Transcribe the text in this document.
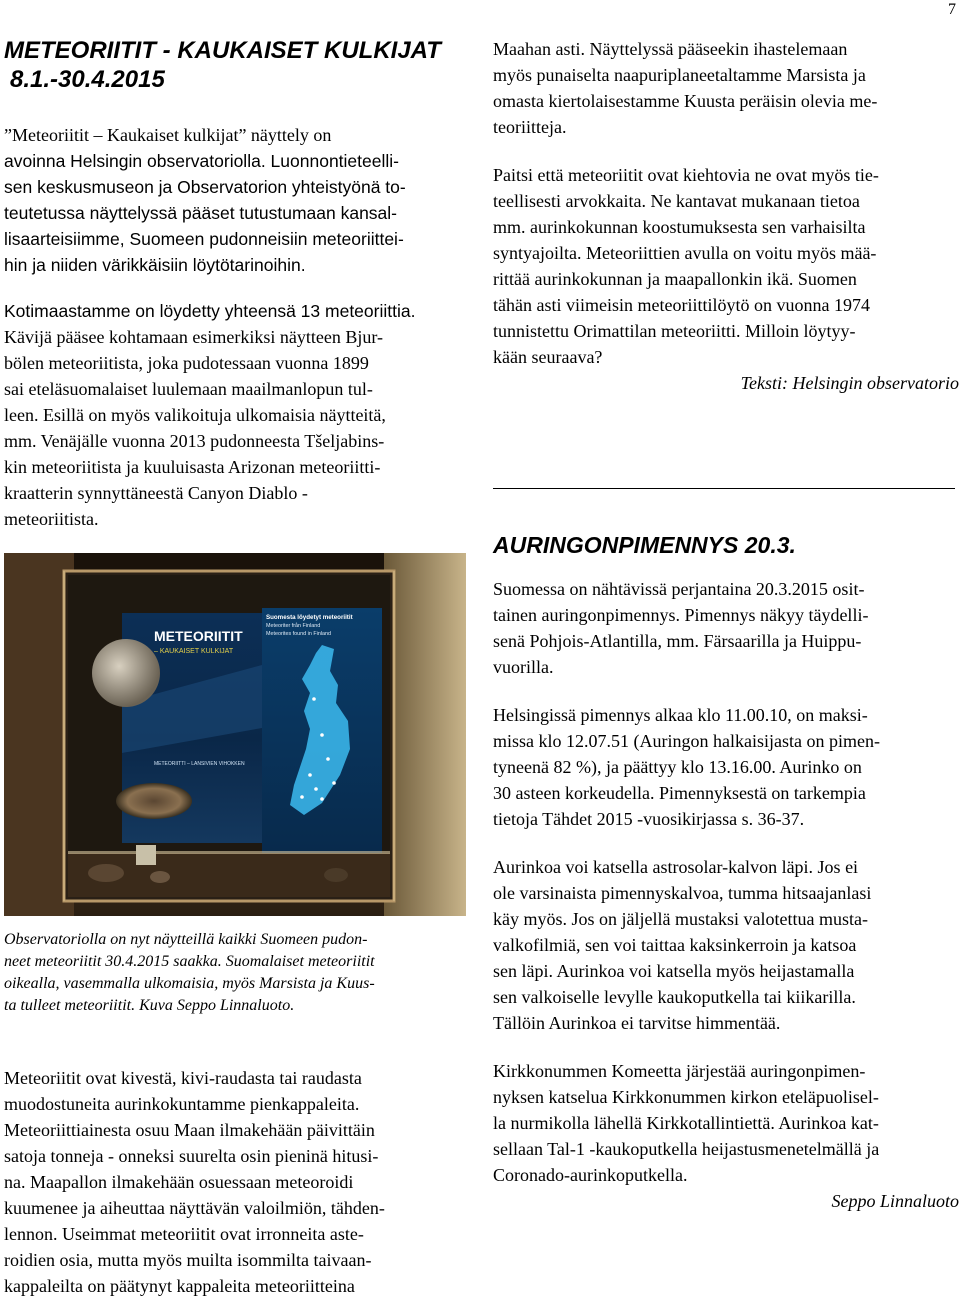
7
METEORIITIT - KAUKAISET KULKIJAT
8.1.-30.4.2015

”Meteoriitit – Kaukaiset kulkijat” näyttely on

avoinna Helsingin observatoriolla. Luonnontieteelli-
sen keskusmuseon ja Observatorion yhteistyönä to-
teutetussa näyttelyssä pääset tutustumaan kansal-
lisaarteisiimme, Suomeen pudonneisiin meteoriittei-
hin ja niiden värikkäisiin löytötarinoihin.

Kotimaastamme on löydetty yhteensä 13 meteoriittia.

Kävijä pääsee kohtamaan esimerkiksi näytteen Bjur-
bölen meteoriitista, joka pudotessaan vuonna 1899
sai eteläsuomalaiset luulemaan maailmanlopun tul-
leen. Esillä on myös valikoituja ulkomaisia näytteitä,
mm. Venäjälle vuonna 2013 pudonneesta Tšeljabins-
kin meteoriitista ja kuuluisasta Arizonan meteoriitti-
kraatterin synnyttäneestä Canyon Diablo -
meteoriitista.

METEORIITIT
– KAUKAISET KULKIJAT
METEORIITTI – LANSIVIEN VIHOKKEN
Suomesta löydetyt meteoriitit
Meteoriter från Finland
Meteorites found in Finland

Observatoriolla on nyt näytteillä kaikki Suomeen pudon-
neet meteoriitit 30.4.2015 saakka. Suomalaiset meteoriitit
oikealla, vasemmalla ulkomaisia, myös Marsista ja Kuus-
ta tulleet meteoriitit. Kuva Seppo Linnaluoto.

Meteoriitit ovat kivestä, kivi-raudasta tai raudasta
muodostuneita aurinkokuntamme pienkappaleita.
Meteoriittiainesta osuu Maan ilmakehään päivittäin
satoja tonneja - onneksi suurelta osin pieninä hitusi-
na. Maapallon ilmakehään osuessaan meteoroidi
kuumenee ja aiheuttaa näyttävän valoilmiön, tähden-
lennon. Useimmat meteoriitit ovat irronneita aste-
roidien osia, mutta myös muilta isommilta taivaan-
kappaleilta on päätynyt kappaleita meteoriitteina

Maahan asti. Näyttelyssä pääseekin ihastelemaan
myös punaiselta naapuriplaneetaltamme Marsista ja
omasta kiertolaisestamme Kuusta peräisin olevia me-
teoriitteja.

Paitsi että meteoriitit ovat kiehtovia ne ovat myös tie-
teellisesti arvokkaita. Ne kantavat mukanaan tietoa
mm. aurinkokunnan koostumuksesta sen varhaisilta
syntyajoilta. Meteoriittien avulla on voitu myös mää-
rittää aurinkokunnan ja maapallonkin ikä. Suomen
tähän asti viimeisin meteoriittilöytö on vuonna 1974
tunnistettu Orimattilan meteoriitti. Milloin löytyy-
kään seuraava?

Teksti: Helsingin observatorio

AURINGONPIMENNYS 20.3.

Suomessa on nähtävissä perjantaina 20.3.2015 osit-
tainen auringonpimennys. Pimennys näkyy täydelli-
senä Pohjois-Atlantilla, mm. Färsaarilla ja Huippu-
vuorilla.

Helsingissä pimennys alkaa klo 11.00.10, on maksi-
missa klo 12.07.51 (Auringon halkaisijasta on pimen-
tyneenä 82 %), ja päättyy klo 13.16.00. Aurinko on
30 asteen korkeudella. Pimennyksestä on tarkempia
tietoja Tähdet 2015 -vuosikirjassa s. 36-37.

Aurinkoa voi katsella astrosolar-kalvon läpi. Jos ei
ole varsinaista pimennyskalvoa, tumma hitsaajanlasi
käy myös. Jos on jäljellä mustaksi valotettua musta-
valkofilmiä, sen voi taittaa kaksinkerroin ja katsoa
sen läpi. Aurinkoa voi katsella myös heijastamalla
sen valkoiselle levylle kaukoputkella tai kiikarilla.
Tällöin Aurinkoa ei tarvitse himmentää.

Kirkkonummen Komeetta järjestää auringonpimen-
nyksen katselua Kirkkonummen kirkon eteläpuolisel-
la nurmikolla lähellä Kirkkotallintiettä. Aurinkoa kat-
sellaan Tal-1 -kaukoputkella heijastusmenetelmällä ja
Coronado-aurinkoputkella.

Seppo Linnaluoto
